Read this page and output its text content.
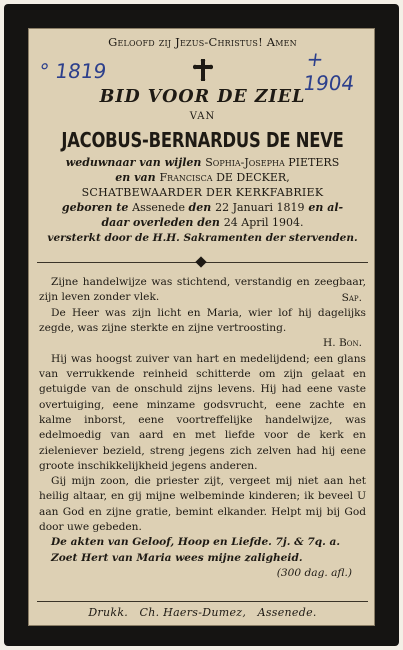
Geloofd zij Jezus-Christus! Amen
° 1819	+ 1904
BID VOOR DE ZIEL
VAN
JACOBUS-BERNARDUS DE NEVE
weduwnaar van wijlen Sophia-Josepha PIETERS
en van Francisca DE DECKER,
SCHATBEWAARDER DER KERKFABRIEK
geboren te Assenede den 22 Januari 1819 en al-
daar overleden den 24 April 1904.
versterkt door de H.H. Sakramenten der stervenden.

Zijne handelwijze was stichtend, verstandig en zeegbaar, zijn leven zonder vlek.	Sap.

De Heer was zijn licht en Maria, wier lof hij dagelijks zegde, was zijne sterkte en zijne vertroosting.

H. Bon.

Hij was hoogst zuiver van hart en medelijdend; een glans van verrukkende reinheid schitterde om zijn gelaat en getuigde van de onschuld zijns levens. Hij had eene vaste overtuiging, eene minzame godsvrucht, eene zachte en kalme inborst, eene voortreffelijke handelwijze, was edelmoedig van aard en met liefde voor de kerk en zieleniever bezield, streng jegens zich zelven had hij eene groote inschikkelijkheid jegens anderen.

Gij mijn zoon, die priester zijt, vergeet mij niet aan het heilig altaar, en gij mijne welbeminde kinderen; ik beveel U aan God en zijne gratie, bemint elkander. Helpt mij bij God door uwe gebeden.

De akten van Geloof, Hoop en Liefde. 7j. & 7q. a.

Zoet Hert van Maria wees mijne zaligheid.

(300 dag. afl.)
Drukk.   Ch. Haers-Dumez,   Assenede.
